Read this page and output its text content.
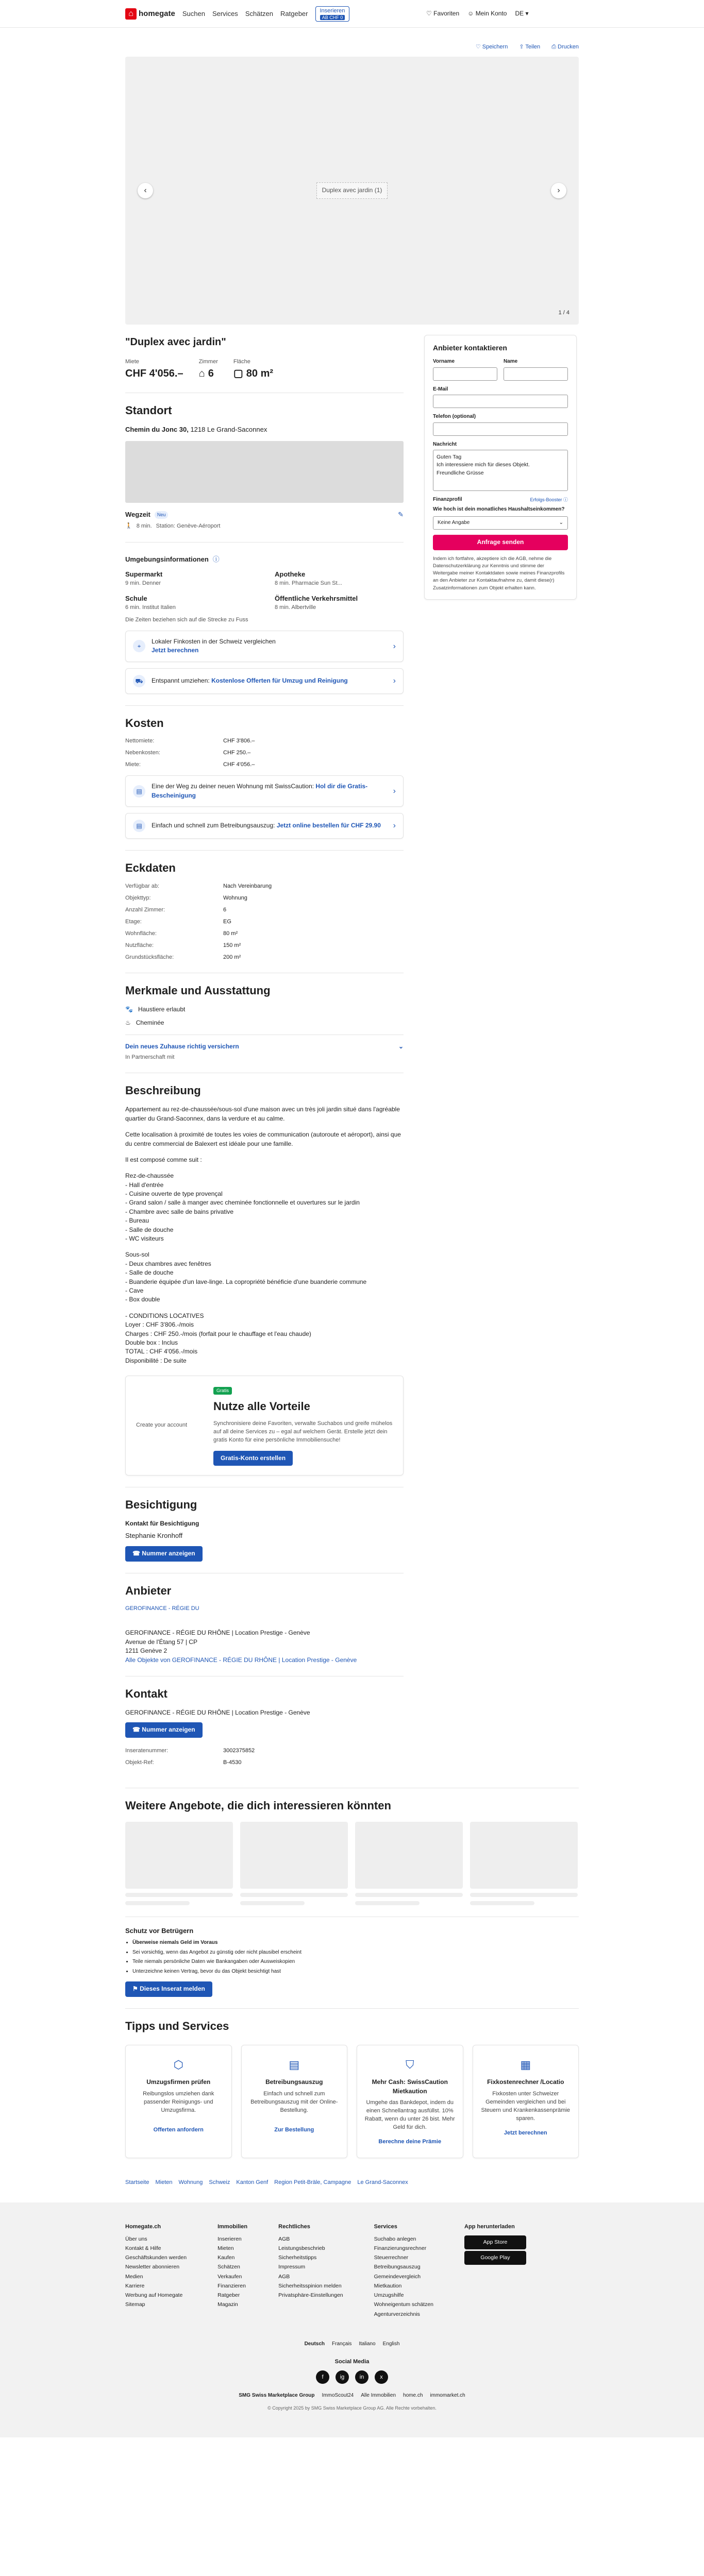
⌂ homegate Suchen Services Schätzen Ratgeber	Inserieren
AB CHF 0
♡ Favoriten ☺ Mein Konto DE ▾
♡ Speichern ⇪ Teilen ⎙ Drucken
Duplex avec jardin (1)
‹	›
1 / 4
"Duplex avec jardin"
Miete
CHF 4'056.–
Zimmer
⌂ 6
Fläche
▢ 80 m²
Standort
Chemin du Jonc 30, 1218 Le Grand-Saconnex
Wegzeit	Neu	✎
🚶 8 min. Station: Genève-Aéroport
Umgebungsinformationen ⓘ
Supermarkt
9 min. Denner
Apotheke
8 min. Pharmacie Sun St...
Schule
6 min. Institut Italien
Öffentliche Verkehrsmittel
8 min. Albertville
Die Zeiten beziehen sich auf die Strecke zu Fuss
⌖
Lokaler Finkosten in der Schweiz vergleichen
Jetzt berechnen	›
⛟	Entspannt umziehen: Kostenlose Offerten für Umzug und Reinigung	›
Kosten
Nettomiete:	CHF 3'806.–
Nebenkosten:	CHF 250.–
Miete:	CHF 4'056.–
▤
Eine der Weg zu deiner neuen Wohnung mit SwissCaution: Hol dir die Gratis-Bescheinigung	›
▤	Einfach und schnell zum Betreibungsauszug: Jetzt online bestellen für CHF 29.90	›
Eckdaten
Verfügbar ab:	Nach Vereinbarung
Objekttyp:	Wohnung
Anzahl Zimmer:	6
Etage:	EG
Wohnfläche:	80 m²
Nutzfläche:	150 m²
Grundstücksfläche:	200 m²
Merkmale und Ausstattung
🐾 Haustiere erlaubt
♨ Cheminée
Dein neues Zuhause richtig versichern	⌄
In Partnerschaft mit
Beschreibung

Appartement au rez-de-chaussée/sous-sol d'une maison avec un très joli jardin situé dans l'agréable quartier du Grand-Saconnex, dans la verdure et au calme.

Cette localisation à proximité de toutes les voies de communication (autoroute et aéroport), ainsi que du centre commercial de Balexert est idéale pour une famille.

Il est composé comme suit :

Rez-de-chaussée
- Hall d'entrée
- Cuisine ouverte de type provençal
- Grand salon / salle à manger avec cheminée fonctionnelle et ouvertures sur le jardin
- Chambre avec salle de bains privative
- Bureau
- Salle de douche
- WC visiteurs

Sous-sol
- Deux chambres avec fenêtres
- Salle de douche
- Buanderie équipée d'un lave-linge. La copropriété bénéficie d'une buanderie commune
- Cave
- Box double

- CONDITIONS LOCATIVES
Loyer : CHF 3'806.-/mois
Charges : CHF 250.-/mois (forfait pour le chauffage et l'eau chaude)
Double box : Inclus
TOTAL : CHF 4'056.-/mois
Disponibilité : De suite

Create your account
Gratis
Nutze alle Vorteile

Synchronisiere deine Favoriten, verwalte Suchabos und greife mühelos auf all deine Services zu – egal auf welchem Gerät. Erstelle jetzt dein gratis Konto für eine persönliche Immobiliensuche!

Gratis-Konto erstellen
Besichtigung
Kontakt für Besichtigung
Stephanie Kronhoff
☎ Nummer anzeigen
Anbieter
GEROFINANCE - RÉGIE DU
GEROFINANCE - RÉGIE DU RHÔNE | Location Prestige - Genève
Avenue de l'Étang 57 | CP
1211 Genève 2
Alle Objekte von GEROFINANCE - RÉGIE DU RHÔNE | Location Prestige - Genève
Kontakt
GEROFINANCE - RÉGIE DU RHÔNE | Location Prestige - Genève
☎ Nummer anzeigen
Inseratenummer:	3002375852
Objekt-Ref:	B-4530
Anbieter kontaktieren
Vorname	Name
E-Mail
Telefon (optional)
Nachricht
Guten Tag
Ich interessiere mich für dieses Objekt.
Freundliche Grüsse
Finanzprofil	Erfolgs-Booster ⓘ
Wie hoch ist dein monatliches Haushaltseinkommen?
Keine Angabe	⌄
Anfrage senden

Indem ich fortfahre, akzeptiere ich die AGB, nehme die Datenschutzerklärung zur Kenntnis und stimme der Weitergabe meiner Kontaktdaten sowie meines Finanzprofils an den Anbieter zur Kontaktaufnahme zu, damit diese(r) Zusatzinformationen zum Objekt erhalten kann.

Weitere Angebote, die dich interessieren könnten
Schutz vor Betrügern
• Überweise niemals Geld im Voraus
• Sei vorsichtig, wenn das Angebot zu günstig oder nicht plausibel erscheint
• Teile niemals persönliche Daten wie Bankangaben oder Ausweiskopien
• Unterzeichne keinen Vertrag, bevor du das Objekt besichtigt hast
⚑ Dieses Inserat melden
Tipps und Services
⬡
Umzugsfirmen prüfen

Reibungslos umziehen dank passender Reinigungs- und Umzugsfirma.

Offerten anfordern
▤
Betreibungsauszug

Einfach und schnell zum Betreibungsauszug mit der Online-Bestellung.

Zur Bestellung
⛉
Mehr Cash: SwissCaution Mietkaution

Umgehe das Bankdepot, indem du einen Schnellantrag ausfüllst. 10% Rabatt, wenn du unter 26 bist. Mehr Geld für dich.

Berechne deine Prämie
▦
Fixkostenrechner /Locatio

Fixkosten unter Schweizer Gemeinden vergleichen und bei Steuern und Krankenkassenprämie sparen.

Jetzt berechnen
Startseite Mieten Wohnung Schweiz Kanton Genf Region Petit-Bräle, Campagne Le Grand-Saconnex
Homegate.ch
Über uns
Kontakt & Hilfe
Geschäftskunden werden
Newsletter abonnieren
Medien
Karriere
Werbung auf Homegate
Sitemap
Immobilien
Inserieren
Mieten
Kaufen
Schätzen
Verkaufen
Finanzieren
Ratgeber
Magazin
Rechtliches
AGB
Leistungsbeschrieb
Sicherheitstipps
Impressum
AGB
Sicherheitsspinion melden
Privatsphäre-Einstellungen
Services
Suchabo anlegen
Finanzierungsrechner
Steuerrechner
Betreibungsauszug
Gemeindevergleich
Mietkaution
Umzugshilfe
Wohneigentum schätzen
Agenturverzeichnis
App herunterladen
App Store
Google Play
Deutsch Français Italiano English
Social Media
f	ig	in	x
SMG Swiss Marketplace Group ImmoScout24 Alle Immobilien home.ch immomarket.ch
© Copyright 2025 by SMG Swiss Marketplace Group AG. Alle Rechte vorbehalten.
